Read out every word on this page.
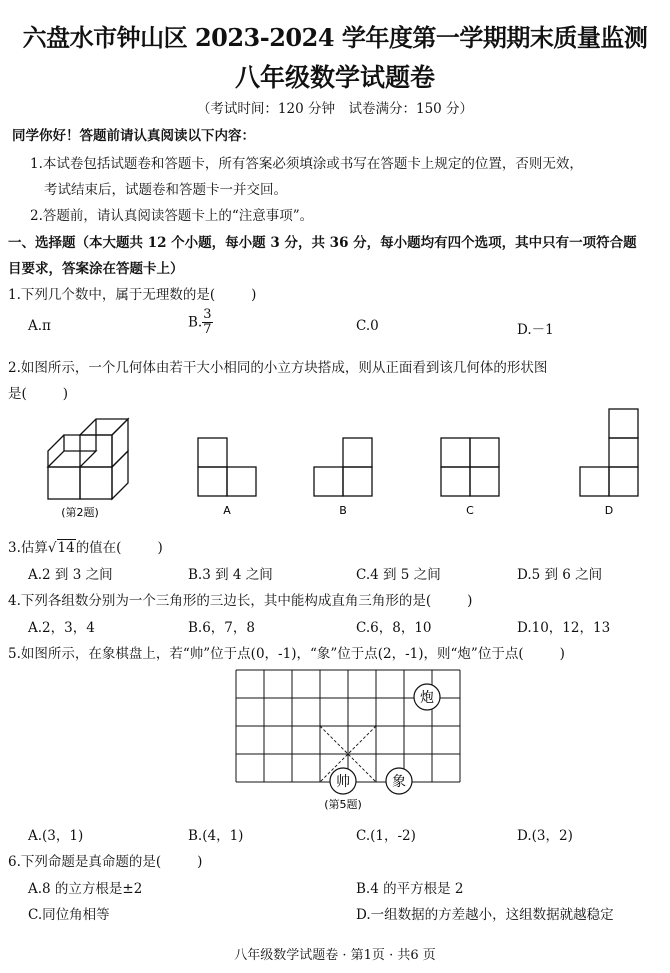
六盘水市钟山区 2023-2024 学年度第一学期期末质量监测
八年级数学试题卷
（考试时间：120 分钟　试卷满分：150 分）
同学你好！答题前请认真阅读以下内容：
1.本试卷包括试题卷和答题卡，所有答案必须填涂或书写在答题卡上规定的位置，否则无效，
考试结束后，试题卷和答题卡一并交回。
2.答题前，请认真阅读答题卡上的“注意事项”。
一、选择题（本大题共 12 个小题，每小题 3 分，共 36 分，每小题均有四个选项，其中只有一项符合题
目要求，答案涂在答题卡上）
1.下列几个数中，属于无理数的是(	)
A.π	B. $\frac{3}{7}$	C.0	D.－1
2.如图所示，一个几何体由若干大小相同的小立方块搭成，则从正面看到该几何体的形状图
是(	)
(第2题)	A	B	C	D
3.估算√14的值在(	)
A.2 到 3 之间	B.3 到 4 之间	C.4 到 5 之间	D.5 到 6 之间
4.下列各组数分别为一个三角形的三边长，其中能构成直角三角形的是(	)
A.2，3，4	B.6，7，8	C.6，8，10	D.10，12，13
5.如图所示，在象棋盘上，若“帅”位于点(0，-1)，“象”位于点(2，-1)，则“炮”位于点(	)
炮
帅	象
(第5题)
A.(3，1)	B.(4，1)	C.(1，-2)	D.(3，2)
6.下列命题是真命题的是(	)
A.8 的立方根是±2	B.4 的平方根是 2
C.同位角相等	D.一组数据的方差越小，这组数据就越稳定
八年级数学试题卷 · 第1页 · 共6 页
